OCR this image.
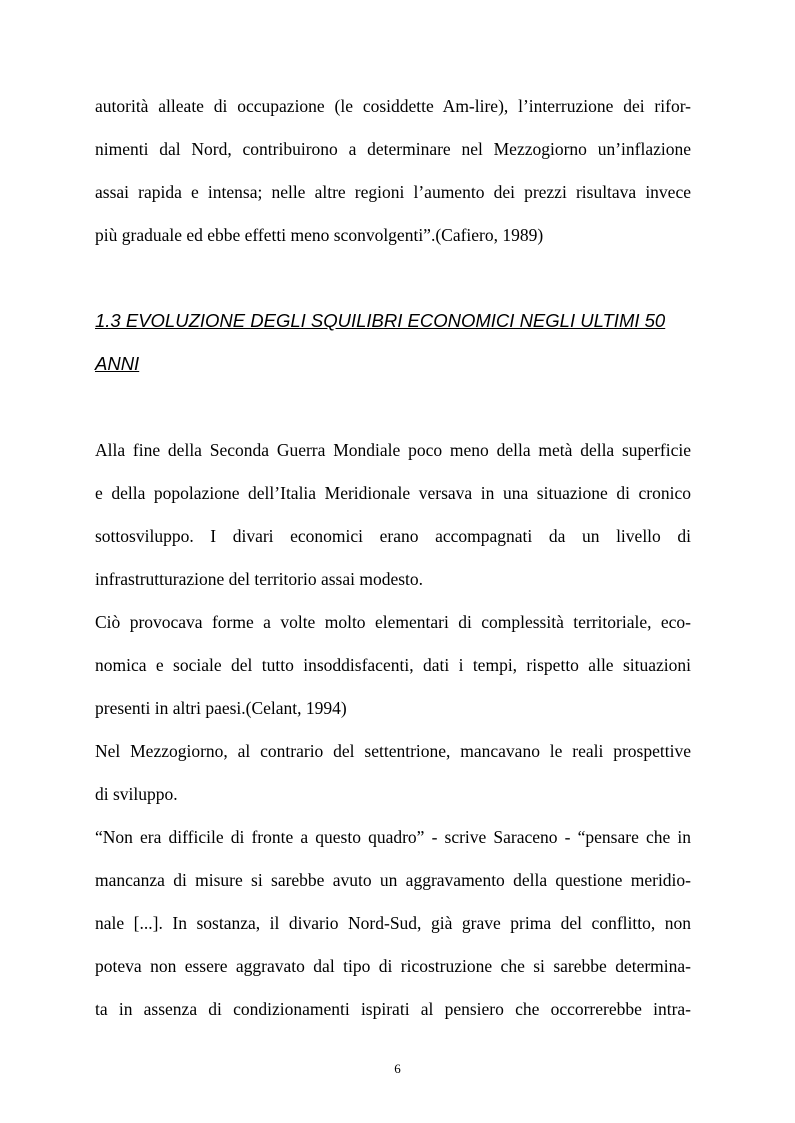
autorità alleate di occupazione (le cosiddette Am-lire), l’interruzione dei rifor-

nimenti dal Nord, contribuirono a determinare nel Mezzogiorno un’inflazione

assai rapida e intensa; nelle altre regioni l’aumento dei prezzi risultava invece

più graduale ed ebbe effetti meno sconvolgenti”.(Cafiero, 1989)

1.3 EVOLUZIONE DEGLI SQUILIBRI ECONOMICI NEGLI ULTIMI 50

ANNI

Alla fine della Seconda Guerra Mondiale poco meno della metà della superficie

e della popolazione dell’Italia Meridionale versava in una situazione di cronico

sottosviluppo. I divari economici erano accompagnati da un livello di

infrastrutturazione del territorio assai modesto.

Ciò provocava forme a volte molto elementari di complessità territoriale, eco-

nomica e sociale del tutto insoddisfacenti, dati i tempi, rispetto alle situazioni

presenti in altri paesi.(Celant, 1994)

Nel Mezzogiorno, al contrario del settentrione, mancavano le reali prospettive

di sviluppo.

“Non era difficile di fronte a questo quadro” - scrive Saraceno - “pensare che in

mancanza di misure si sarebbe avuto un aggravamento della questione meridio-

nale [...]. In sostanza, il divario Nord-Sud, già grave prima del conflitto, non

poteva non essere aggravato dal tipo di ricostruzione che si sarebbe determina-

ta in assenza di condizionamenti ispirati al pensiero che occorrerebbe intra-

6
